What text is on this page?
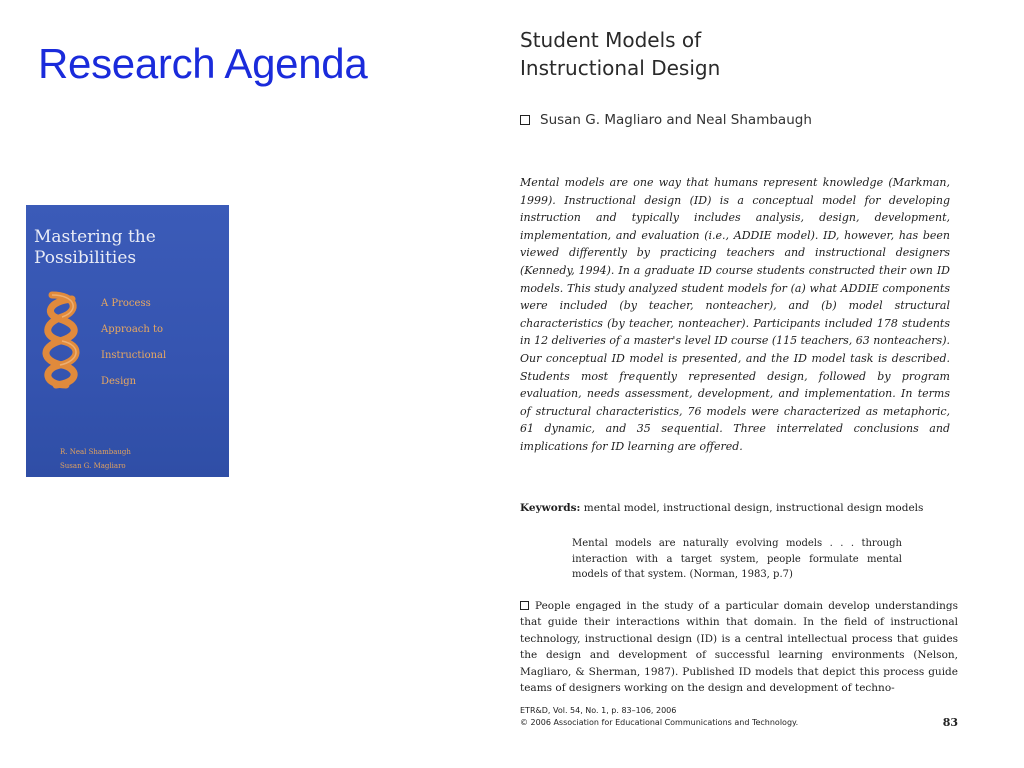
Research Agenda
Mastering the
Possibilities
A Process
Approach to
Instructional
Design
R. Neal Shambaugh
Susan G. Magliaro
Student Models of
Instructional Design
Susan G. Magliaro and Neal Shambaugh
Mental models are one way that humans represent knowledge (Markman, 1999). Instructional design (ID) is a conceptual model for developing instruction and typically includes analysis, design, development, implementation, and evaluation (i.e., ADDIE model). ID, however, has been viewed differently by practicing teachers and instructional designers (Kennedy, 1994). In a graduate ID course students constructed their own ID models. This study analyzed student models for (a) what ADDIE components were included (by teacher, nonteacher), and (b) model structural characteristics (by teacher, nonteacher). Participants included 178 students in 12 deliveries of a master's level ID course (115 teachers, 63 nonteachers). Our conceptual ID model is presented, and the ID model task is described. Students most frequently represented design, followed by program evaluation, needs assessment, development, and implementation. In terms of structural characteristics, 76 models were characterized as metaphoric, 61 dynamic, and 35 sequential. Three interrelated conclusions and implications for ID learning are offered.
Keywords: mental model, instructional design, instructional design models
Mental models are naturally evolving models . . . through interaction with a target system, people formulate mental models of that system. (Norman, 1983, p.7)
People engaged in the study of a particular domain develop understandings that guide their interactions within that domain. In the field of instructional technology, instructional design (ID) is a central intellectual process that guides the design and development of successful learning environments (Nelson, Magliaro, & Sherman, 1987). Published ID models that depict this process guide teams of designers working on the design and development of techno-
ETR&D, Vol. 54, No. 1, p. 83–106, 2006
© 2006 Association for Educational Communications and Technology.	83
